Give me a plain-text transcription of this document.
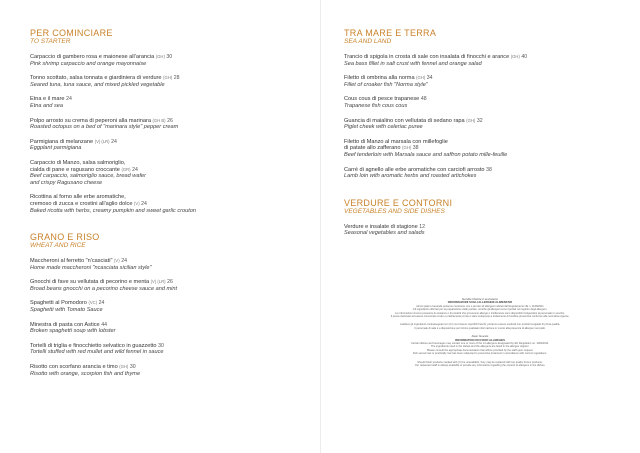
PER COMINCIARE
TO STARTER
Carpaccio di gambero rosa e maionese all'arancia (GH) 30
Pink shrimp carpaccio and orange mayonnaise
Tonno scottato, salsa tonnata e giardiniera di verdure (GH) 28
Seared tuna, tuna sauce, and mixed pickled vegetable
Etna e il mare 24
Etna and sea
Polpo arrosto su crema di peperoni alla marinara (GH B) 26
Roasted octopus on a bed of "marinara style" pepper cream
Parmigiana di melanzane (V) (LR) 24
Eggplant parmigiana
Carpaccio di Manzo, salsa salmoriglio,
cialda di pane e ragusano croccante (GR) 24
Beef carpaccio, salmoriglio sauce, bread wafer
and crispy Ragusano cheese
Ricottina al forno alle erbe aromatiche,
cremoso di zucca e crostini all'aglio dolce (V) 24
Baked ricotta with herbs, creamy pumpkin and sweet garlic crouton
GRANO E RISO
WHEAT AND RICE
Maccheroni al ferretto "n'casciati" (V) 24
Home made maccheroni "ncasciata sicilian style"
Gnocchi di fave su vellutata di pecorino e menta (V) (LR) 26
Broad beans gnocchi on a pecorino cheese sauce and mint
Spaghetti al Pomodoro (VC) 24
Spaghetti with Tomato Sauce
Minestra di pasta con Astice 44
Broken spaghetti soup with lobster
Tortelli di triglia e finocchietto selvatico in guazzetto 30
Tortelli stuffed with red mullet and wild fennel in sauce
Risotto con scorfano arancia e timo (GH) 30
Risotto with orange, scorpion fish and thyme
TRA MARE E TERRA
SEA AND LAND
Trancio di spigola in crosta di sale con insalata di finocchi e arance (GH) 40
Sea bass fillet in salt crust with fennel and orange salad
Filetto di ombrina alla norma (GH) 34
Fillet of croaker fish "Norma style"
Cous cous di pesce trapanese 48
Trapanese fish cous cous
Guancia di maialino con vellutata di sedano rapa (GH) 32
Piglet cheek with celeriac puree
Filetto di Manzo al marsala con millefoglie
di patate allo zafferano (GH) 38
Beef tenderloin with Marsala sauce and saffron potato mille-feuille
Carré di agnello alle erbe aromatiche con carciofi arrosto 38
Lamb loin with aromatic herbs and roasted artichokes
VERDURE E CONTORNI
VEGETABLES AND SIDE DISHES
Verdure e insalate di stagione 12
Seasonal vegetables and salads
Gentile Cliente ti avvisiamo
INFORMAZIONI SUGLI ALLERGENI ALIMENTARI
Alcuni piatti e bevande possono contenere uno o più dei 14 allergeni indicati dal Regolamento UE n. 1169/2011
Gli ingredienti utilizzati per la preparazione delle portate, nonché gli allergeni sono riportati nel registro degli allergeni.
Le informazioni circa la presenza di sostanze o di prodotti che provocano allergie o intolleranze sono disponibili rivolgendosi al personale in servizio.
Il pesce destinato ad essere consumato crudo o praticamente crudo è stato sottoposto a trattamento di bonifica preventiva conforme alla normativa vigente.
Laddove gli ingredienti contrassegnati con (C) non fossero reperibili freschi, potranno essere sostituiti con prodotti surgelati di prima qualità.
Il personale di sala è a disposizione per fornire qualsiasi informazione in merito alla presenza di allergeni nei piatti.
Dear Guests
INFORMATION ON FOOD ALLERGIES
Certain dishes and beverages may contain one or more of the 14 allergens designated by EU Regulation no. 1169/2011.
The ingredients used in the dishes and the allergens are listed in the allergen register.
Please consult the appropriate documentation that will be provided by the staff upon request.
Fish served raw or practically raw has been subjected to preventive treatment in accordance with current regulations.
Should fresh products marked with (C) be unavailable, they may be replaced with top quality frozen products.
Our restaurant staff is always available to provide any information regarding the content of allergens in the dishes.
